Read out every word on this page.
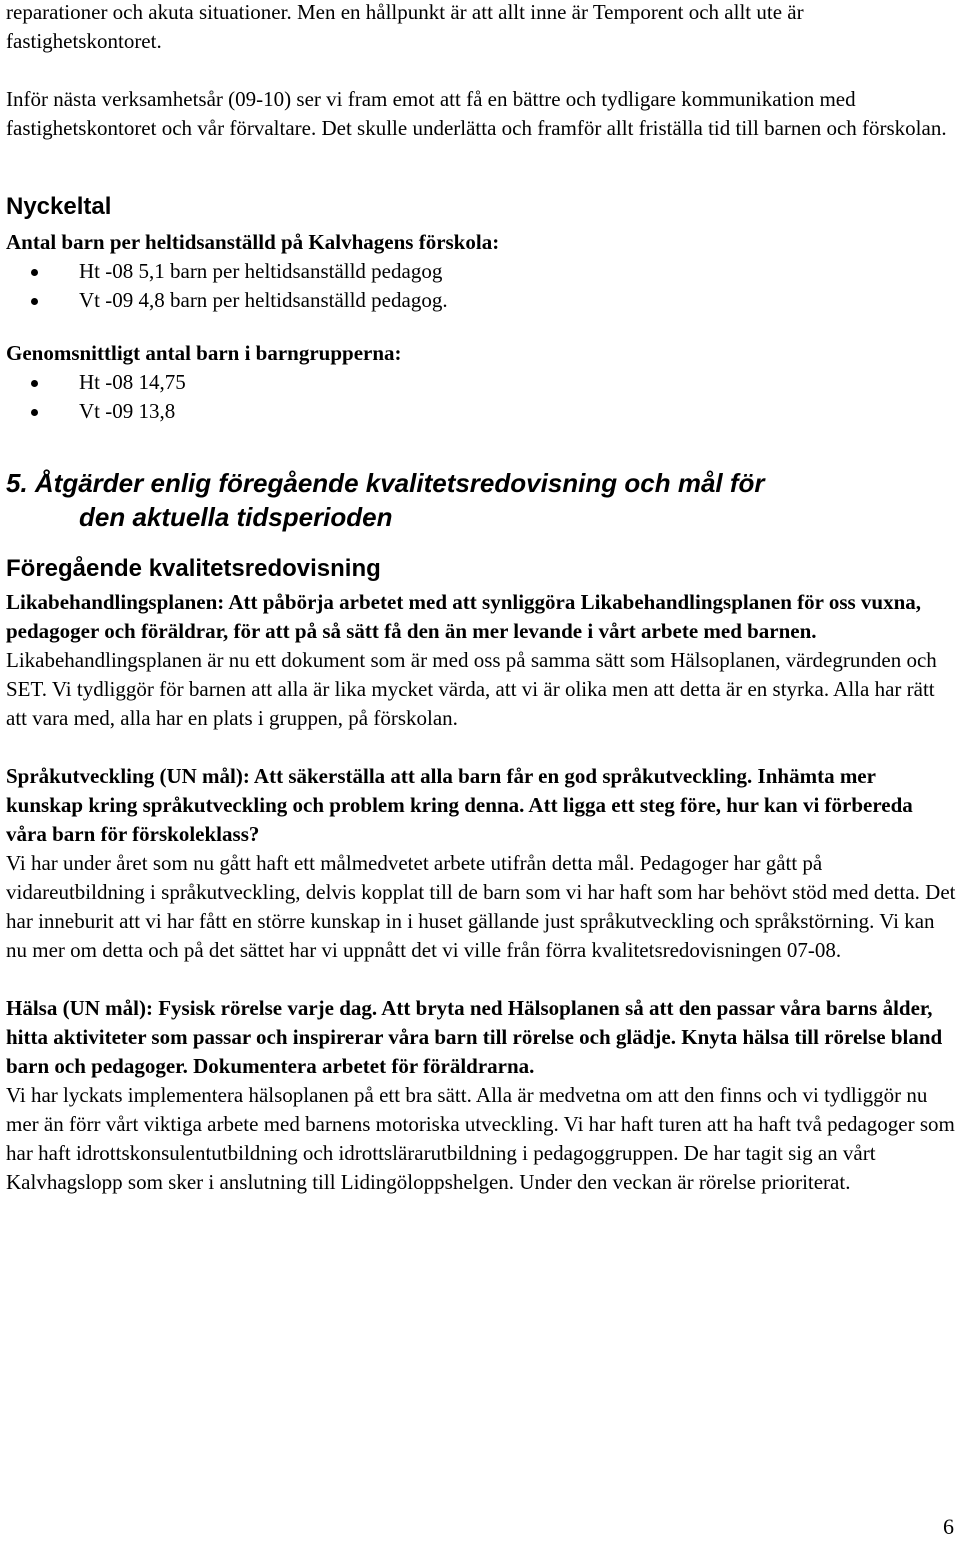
reparationer och akuta situationer. Men en hållpunkt är att allt inne är Temporent och allt ute är fastighetskontoret.

Inför nästa verksamhetsår (09-10) ser vi fram emot att få en bättre och tydligare kommunikation med fastighetskontoret och vår förvaltare. Det skulle underlätta och framför allt friställa tid till barnen och förskolan.

Nyckeltal

Antal barn per heltidsanställd på Kalvhagens förskola:

Ht -08 5,1 barn per heltidsanställd pedagog
Vt -09 4,8 barn per heltidsanställd pedagog.

Genomsnittligt antal barn i barngrupperna:

Ht -08 14,75
Vt -09 13,8
5. Åtgärder enlig föregående kvalitetsredovisning och mål för
den aktuella tidsperioden

Föregående kvalitetsredovisning

Likabehandlingsplanen: Att påbörja arbetet med att synliggöra Likabehandlingsplanen för oss vuxna, pedagoger och föräldrar, för att på så sätt få den än mer levande i vårt arbete med barnen.

Likabehandlingsplanen är nu ett dokument som är med oss på samma sätt som Hälsoplanen, värdegrunden och SET. Vi tydliggör för barnen att alla är lika mycket värda, att vi är olika men att detta är en styrka. Alla har rätt att vara med, alla har en plats i gruppen, på förskolan.

Språkutveckling (UN mål): Att säkerställa att alla barn får en god språkutveckling. Inhämta mer kunskap kring språkutveckling och problem kring denna. Att ligga ett steg före, hur kan vi förbereda våra barn för förskoleklass?

Vi har under året som nu gått haft ett målmedvetet arbete utifrån detta mål. Pedagoger har gått på vidareutbildning i språkutveckling, delvis kopplat till de barn som vi har haft som har behövt stöd med detta. Det har inneburit att vi har fått en större kunskap in i huset gällande just språkutveckling och språkstörning. Vi kan nu mer om detta och på det sättet har vi uppnått det vi ville från förra kvalitetsredovisningen 07-08.

Hälsa (UN mål): Fysisk rörelse varje dag. Att bryta ned Hälsoplanen så att den passar våra barns ålder, hitta aktiviteter som passar och inspirerar våra barn till rörelse och glädje. Knyta hälsa till rörelse bland barn och pedagoger. Dokumentera arbetet för föräldrarna.

Vi har lyckats implementera hälsoplanen på ett bra sätt. Alla är medvetna om att den finns och vi tydliggör nu mer än förr vårt viktiga arbete med barnens motoriska utveckling. Vi har haft turen att ha haft två pedagoger som har haft idrottskonsulentutbildning och idrottslärarutbildning i pedagoggruppen. De har tagit sig an vårt Kalvhagslopp som sker i anslutning till Lidingöloppshelgen. Under den veckan är rörelse prioriterat.

6
